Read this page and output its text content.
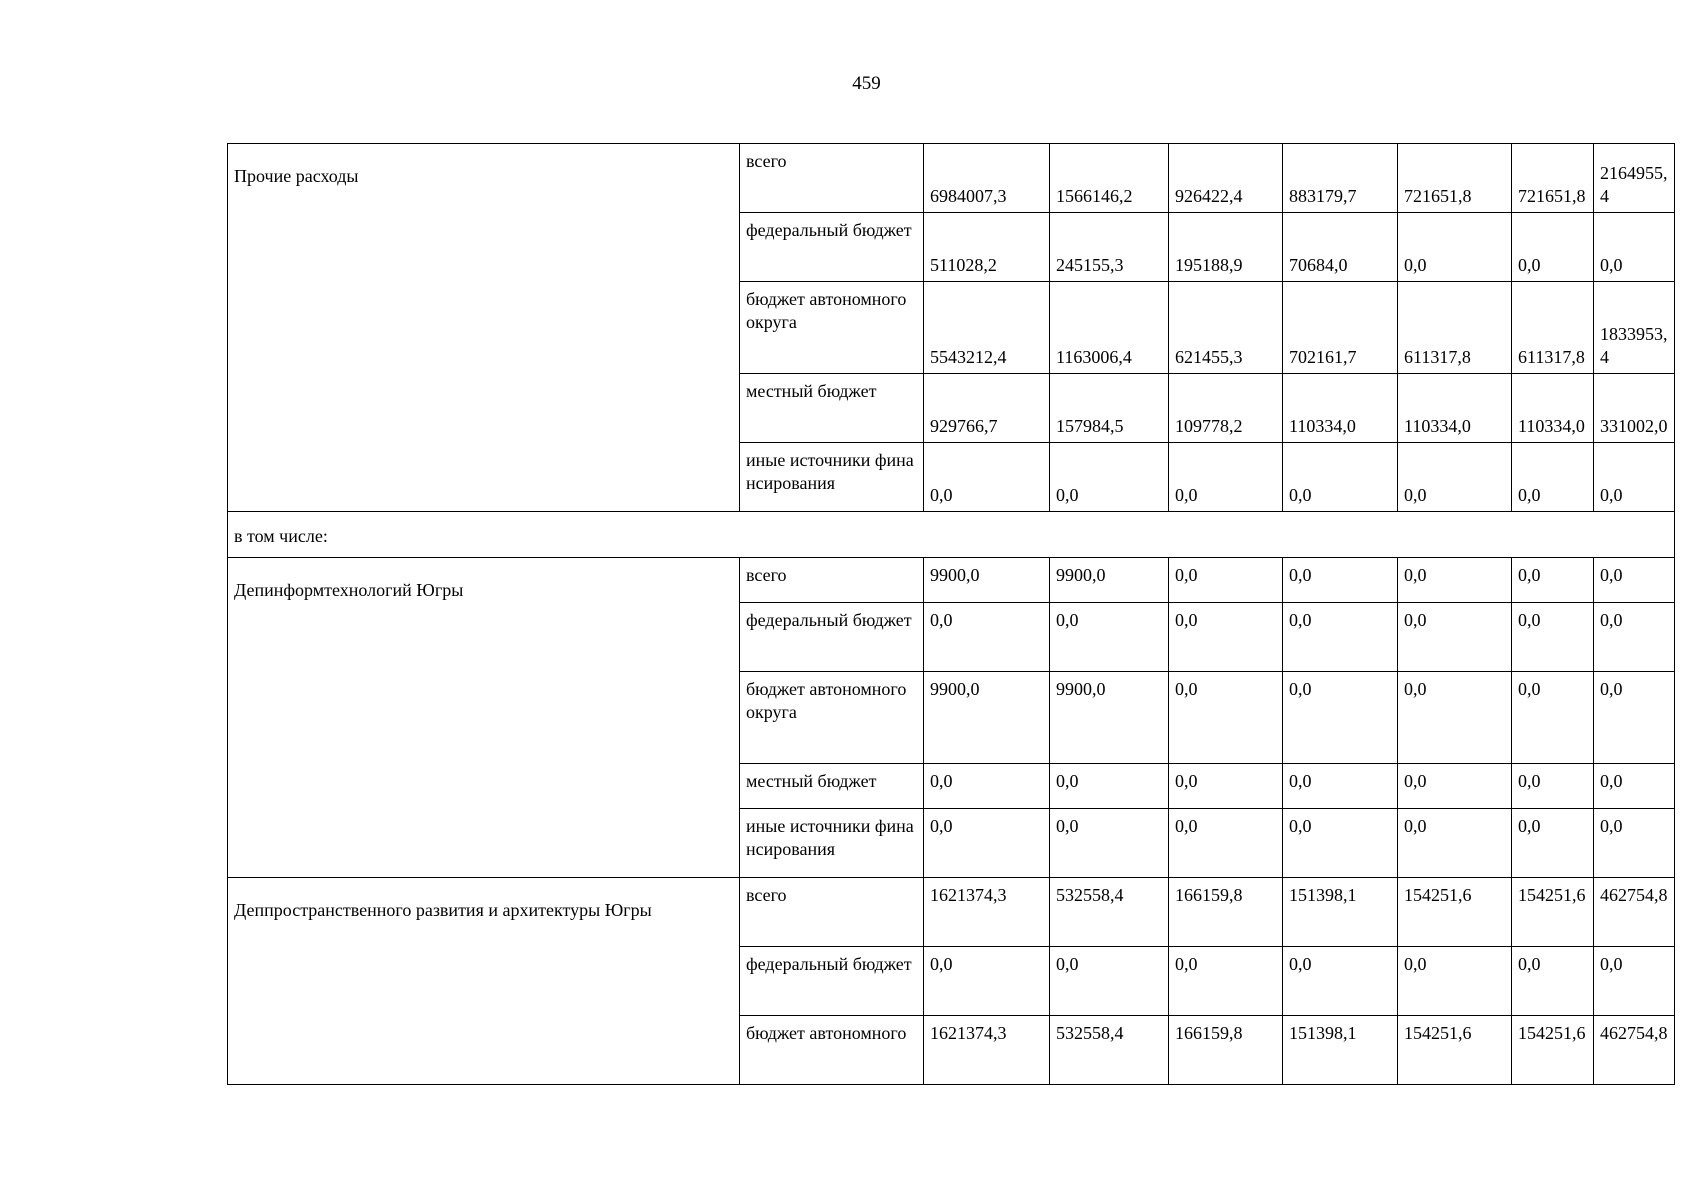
459
Прочие расходы	всего	6984007,3	1566146,2	926422,4	883179,7	721651,8	721651,8	2164955,4
	федеральный бюджет	511028,2	245155,3	195188,9	70684,0	0,0	0,0	0,0
	бюджет автономного округа	5543212,4	1163006,4	621455,3	702161,7	611317,8	611317,8	1833953,4
	местный бюджет	929766,7	157984,5	109778,2	110334,0	110334,0	110334,0	331002,0
	иные источники финансирования	0,0	0,0	0,0	0,0	0,0	0,0	0,0
в том числе:								
Депинформтехнологий Югры	всего	9900,0	9900,0	0,0	0,0	0,0	0,0	0,0
	федеральный бюджет	0,0	0,0	0,0	0,0	0,0	0,0	0,0
	бюджет автономного округа	9900,0	9900,0	0,0	0,0	0,0	0,0	0,0
	местный бюджет	0,0	0,0	0,0	0,0	0,0	0,0	0,0
	иные источники финансирования	0,0	0,0	0,0	0,0	0,0	0,0	0,0
Деппространственного развития и архитектуры Югры	всего	1621374,3	532558,4	166159,8	151398,1	154251,6	154251,6	462754,8
	федеральный бюджет	0,0	0,0	0,0	0,0	0,0	0,0	0,0
	бюджет автономного	1621374,3	532558,4	166159,8	151398,1	154251,6	154251,6	462754,8
